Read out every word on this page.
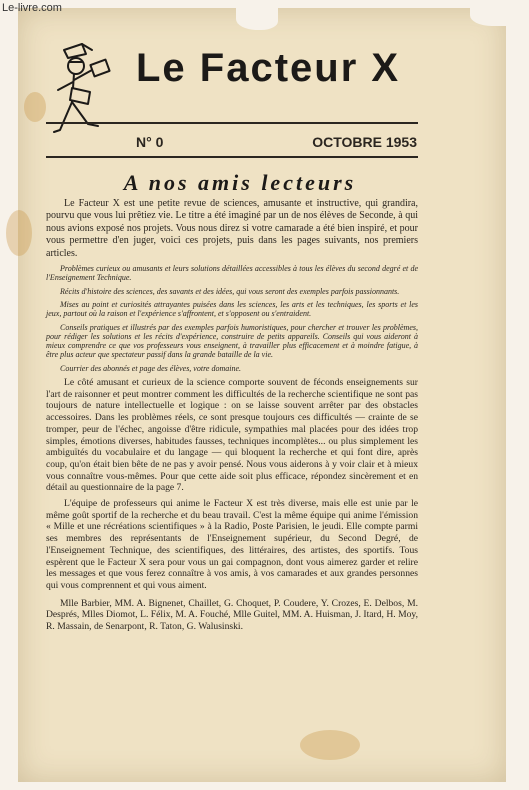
Le-livre.com
Le Facteur X
N° 0	OCTOBRE 1953
A nos amis lecteurs

Le Facteur X est une petite revue de sciences, amusante et instructive, qui grandira, pourvu que vous lui prêtiez vie. Le titre a été imaginé par un de nos élèves de Seconde, à qui nous avions exposé nos projets. Vous nous direz si votre camarade a été bien inspiré, et pour vous permettre d'en juger, voici ces projets, puis dans les pages suivants, nos premiers articles.

Problèmes curieux ou amusants et leurs solutions détaillées accessibles à tous les élèves du second degré et de l'Enseignement Technique.

Récits d'histoire des sciences, des savants et des idées, qui vous seront des exemples parfois passionnants.

Mises au point et curiosités attrayantes puisées dans les sciences, les arts et les techniques, les sports et les jeux, partout où la raison et l'expérience s'affrontent, et s'opposent ou s'entraident.

Conseils pratiques et illustrés par des exemples parfois humoristiques, pour chercher et trouver les problèmes, pour rédiger les solutions et les récits d'expérience, construire de petits appareils. Conseils qui vous aideront à mieux comprendre ce que vos professeurs vous enseignent, à travailler plus efficacement et à moindre fatigue, à être plus acteur que spectateur passif dans la grande bataille de la vie.

Courrier des abonnés et page des élèves, votre domaine.

Le côté amusant et curieux de la science comporte souvent de féconds enseignements sur l'art de raisonner et peut montrer comment les difficultés de la recherche scientifique ne sont pas toujours de nature intellectuelle et logique : on se laisse souvent arrêter par des obstacles accessoires. Dans les problèmes réels, ce sont presque toujours ces difficultés — crainte de se tromper, peur de l'échec, angoisse d'être ridicule, sympathies mal placées pour des idées trop simples, émotions diverses, habitudes fausses, techniques incomplètes... ou plus simplement les ambiguïtés du vocabulaire et du langage — qui bloquent la recherche et qui font dire, après coup, qu'on était bien bête de ne pas y avoir pensé. Nous vous aiderons à y voir clair et à mieux vous connaître vous-mêmes. Pour que cette aide soit plus efficace, répondez sincèrement et en détail au questionnaire de la page 7.

L'équipe de professeurs qui anime le Facteur X est très diverse, mais elle est unie par le même goût sportif de la recherche et du beau travail. C'est la même équipe qui anime l'émission « Mille et une récréations scientifiques » à la Radio, Poste Parisien, le jeudi. Elle compte parmi ses membres des représentants de l'Enseignement supérieur, du Second Degré, de l'Enseignement Technique, des scientifiques, des littéraires, des artistes, des sportifs. Tous espèrent que le Facteur X sera pour vous un gai compagnon, dont vous aimerez garder et relire les messages et que vous ferez connaître à vos amis, à vos camarades et aux grandes personnes qui vous comprennent et qui vous aiment.

Mlle Barbier, MM. A. Bignenet, Chaillet, G. Choquet, P. Coudere, Y. Crozes, E. Delbos, M. Després, Mlles Diomot, L. Félix, M. A. Fouché, Mlle Guitel, MM. A. Huisman, J. Itard, H. Moy, R. Massain, de Senarpont, R. Taton, G. Walusinski.
